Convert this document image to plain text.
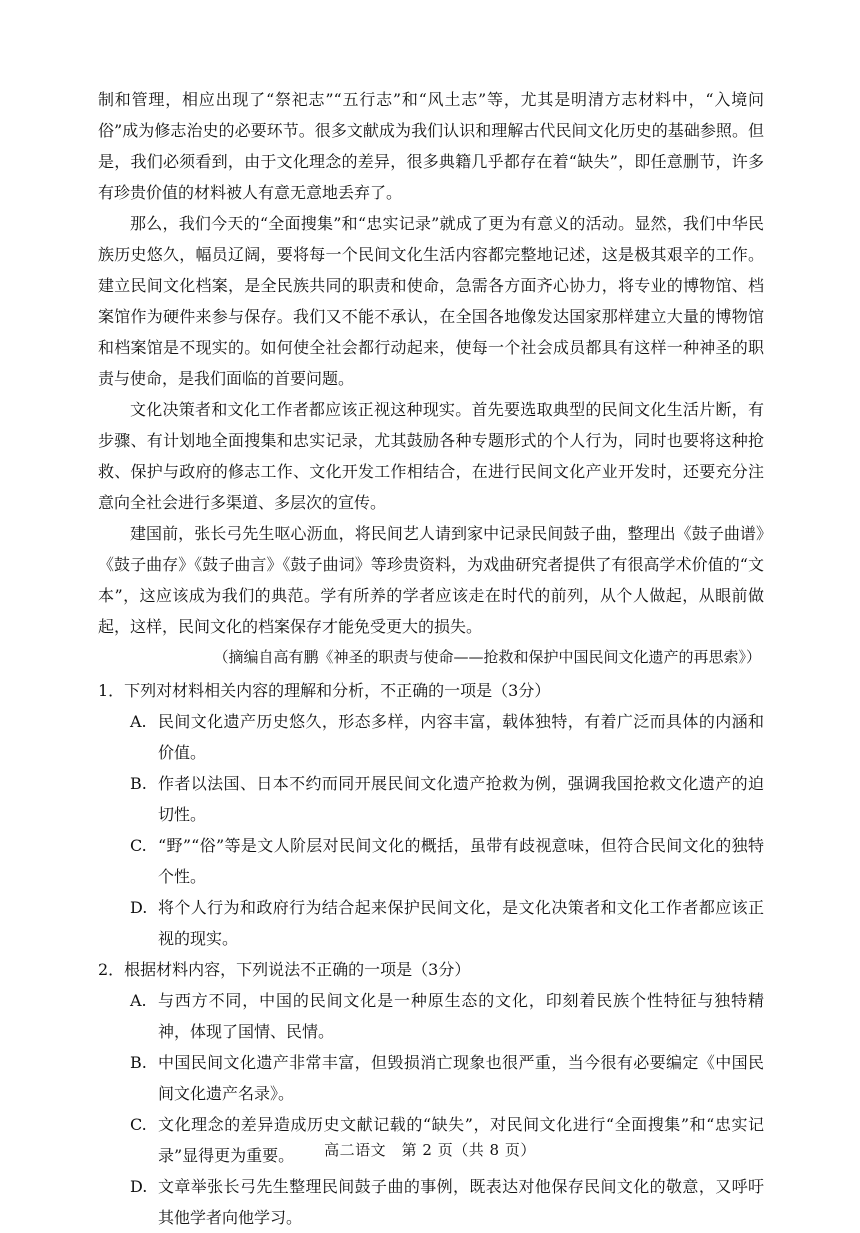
制和管理，相应出现了“祭祀志”“五行志”和“风土志”等，尤其是明清方志材料中，“入境问俗”成为修志治史的必要环节。很多文献成为我们认识和理解古代民间文化历史的基础参照。但是，我们必须看到，由于文化理念的差异，很多典籍几乎都存在着“缺失”，即任意删节，许多有珍贵价值的材料被人有意无意地丢弃了。

那么，我们今天的“全面搜集”和“忠实记录”就成了更为有意义的活动。显然，我们中华民族历史悠久，幅员辽阔，要将每一个民间文化生活内容都完整地记述，这是极其艰辛的工作。建立民间文化档案，是全民族共同的职责和使命，急需各方面齐心协力，将专业的博物馆、档案馆作为硬件来参与保存。我们又不能不承认，在全国各地像发达国家那样建立大量的博物馆和档案馆是不现实的。如何使全社会都行动起来，使每一个社会成员都具有这样一种神圣的职责与使命，是我们面临的首要问题。

文化决策者和文化工作者都应该正视这种现实。首先要选取典型的民间文化生活片断，有步骤、有计划地全面搜集和忠实记录，尤其鼓励各种专题形式的个人行为，同时也要将这种抢救、保护与政府的修志工作、文化开发工作相结合，在进行民间文化产业开发时，还要充分注意向全社会进行多渠道、多层次的宣传。

建国前，张长弓先生呕心沥血，将民间艺人请到家中记录民间鼓子曲，整理出《鼓子曲谱》《鼓子曲存》《鼓子曲言》《鼓子曲词》等珍贵资料，为戏曲研究者提供了有很高学术价值的“文本”，这应该成为我们的典范。学有所养的学者应该走在时代的前列，从个人做起，从眼前做起，这样，民间文化的档案保存才能免受更大的损失。

（摘编自高有鹏《神圣的职责与使命——抢救和保护中国民间文化遗产的再思索》）

1．下列对材料相关内容的理解和分析，不正确的一项是（3分）

A. 民间文化遗产历史悠久，形态多样，内容丰富，载体独特，有着广泛而具体的内涵和价值。
B. 作者以法国、日本不约而同开展民间文化遗产抢救为例，强调我国抢救文化遗产的迫切性。
C. “野”“俗”等是文人阶层对民间文化的概括，虽带有歧视意味，但符合民间文化的独特个性。
D. 将个人行为和政府行为结合起来保护民间文化，是文化决策者和文化工作者都应该正视的现实。

2．根据材料内容，下列说法不正确的一项是（3分）

A. 与西方不同，中国的民间文化是一种原生态的文化，印刻着民族个性特征与独特精神，体现了国情、民情。
B. 中国民间文化遗产非常丰富，但毁损消亡现象也很严重，当今很有必要编定《中国民间文化遗产名录》。
C. 文化理念的差异造成历史文献记载的“缺失”，对民间文化进行“全面搜集”和“忠实记录”显得更为重要。
D. 文章举张长弓先生整理民间鼓子曲的事例，既表达对他保存民间文化的敬意，又呼吁其他学者向他学习。
高二语文　第 2 页（共 8 页）
